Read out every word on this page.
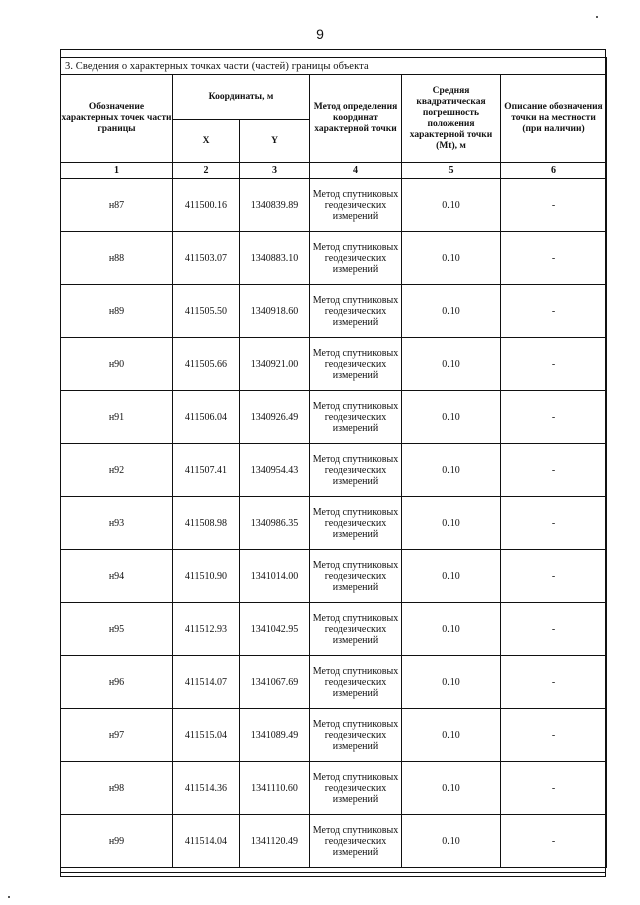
9
3. Сведения о характерных точках части (частей) границы объекта					
Обозначение характерных точек части границы	Координаты, м		Метод определения координат характерной точки	Средняя квадратическая погрешность положения характерной точки (Mt), м	Описание обозначения точки на местности (при наличии)
	X	Y			
1	2	3	4	5	6
н87	411500.16	1340839.89	Метод спутниковых геодезических измерений	0.10	-
н88	411503.07	1340883.10	Метод спутниковых геодезических измерений	0.10	-
н89	411505.50	1340918.60	Метод спутниковых геодезических измерений	0.10	-
н90	411505.66	1340921.00	Метод спутниковых геодезических измерений	0.10	-
н91	411506.04	1340926.49	Метод спутниковых геодезических измерений	0.10	-
н92	411507.41	1340954.43	Метод спутниковых геодезических измерений	0.10	-
н93	411508.98	1340986.35	Метод спутниковых геодезических измерений	0.10	-
н94	411510.90	1341014.00	Метод спутниковых геодезических измерений	0.10	-
н95	411512.93	1341042.95	Метод спутниковых геодезических измерений	0.10	-
н96	411514.07	1341067.69	Метод спутниковых геодезических измерений	0.10	-
н97	411515.04	1341089.49	Метод спутниковых геодезических измерений	0.10	-
н98	411514.36	1341110.60	Метод спутниковых геодезических измерений	0.10	-
н99	411514.04	1341120.49	Метод спутниковых геодезических измерений	0.10	-
